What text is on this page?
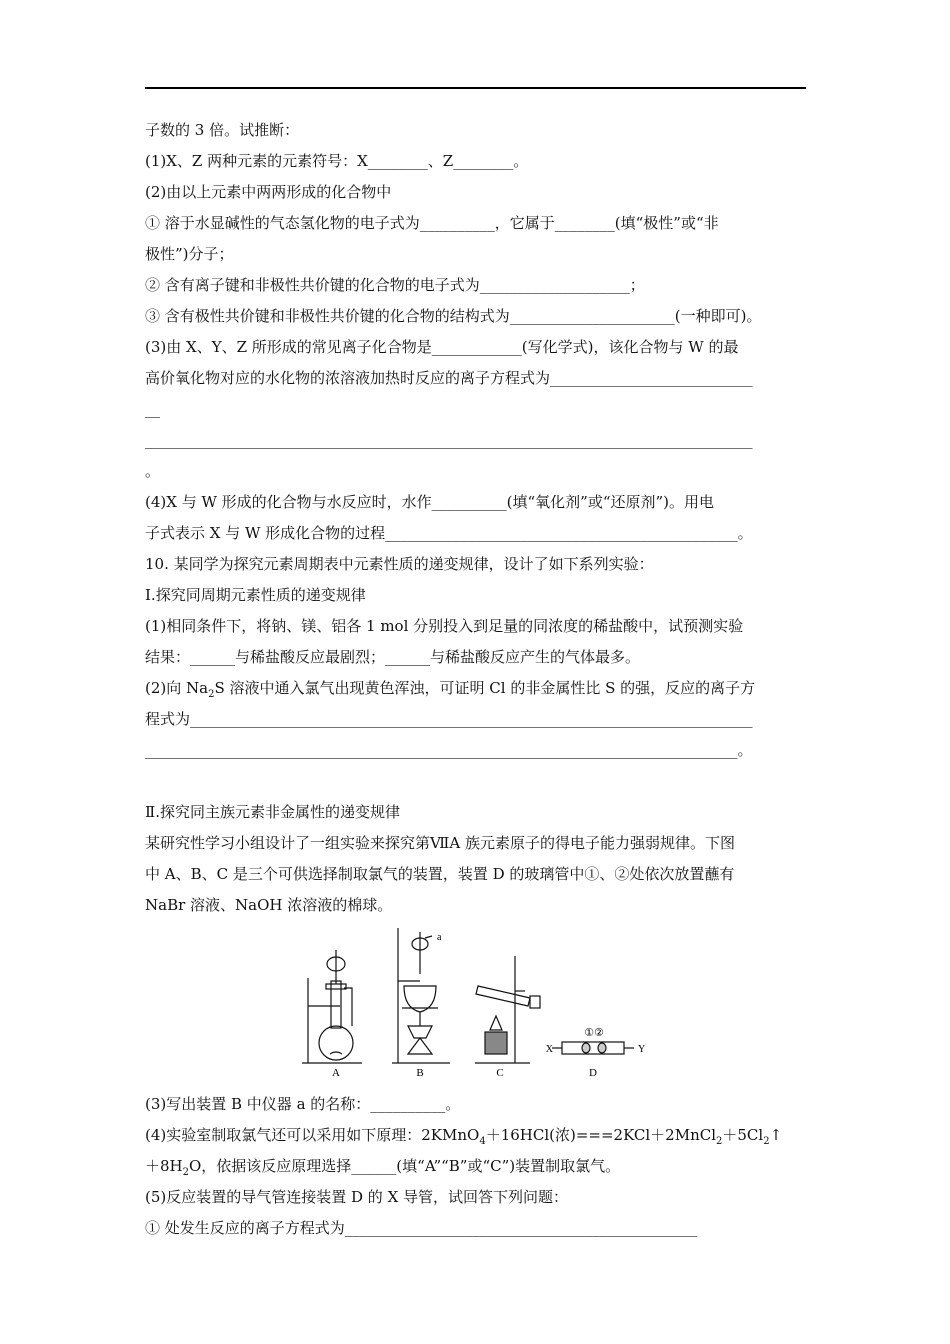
子数的 3 倍。试推断：
(1)X、Z 两种元素的元素符号：X________、Z________。
(2)由以上元素中两两形成的化合物中
① 溶于水显碱性的气态氢化物的电子式为__________，它属于________(填“极性”或“非
极性”)分子；
② 含有离子键和非极性共价键的化合物的电子式为____________________；
③ 含有极性共价键和非极性共价键的化合物的结构式为______________________(一种即可)。
(3)由 X、Y、Z 所形成的常见离子化合物是____________(写化学式)，该化合物与 W 的最
高价氧化物对应的水化物的浓溶液加热时反应的离子方程式为___________________________
__
_________________________________________________________________________________
。
(4)X 与 W 形成的化合物与水反应时，水作__________(填“氧化剂”或“还原剂”)。用电
子式表示 X 与 W 形成化合物的过程_______________________________________________。
10. 某同学为探究元素周期表中元素性质的递变规律，设计了如下系列实验：
Ⅰ.探究同周期元素性质的递变规律
(1)相同条件下，将钠、镁、铝各 1 mol 分别投入到足量的同浓度的稀盐酸中，试预测实验
结果：______与稀盐酸反应最剧烈；______与稀盐酸反应产生的气体最多。
(2)向 $Na_2S$ 溶液中通入氯气出现黄色浑浊，可证明 Cl 的非金属性比 S 的强，反应的离子方
程式为___________________________________________________________________________
_______________________________________________________________________________。
Ⅱ.探究同主族元素非金属性的递变规律
某研究性学习小组设计了一组实验来探究第ⅦA 族元素原子的得电子能力强弱规律。下图
中 A、B、C 是三个可供选择制取氯气的装置，装置 D 的玻璃管中①、②处依次放置蘸有
NaBr 溶液、NaOH 浓溶液的棉球。
A
a
B	C
X	Y
①②
D
(3)写出装置 B 中仪器 a 的名称：__________。
(4)实验室制取氯气还可以采用如下原理：2KMnO$_4$＋16HCl(浓)$===2KCl+2MnCl_2+5Cl_2↑$
$+8H_2O$，依据该反应原理选择______(填“A”“B”或“C”)装置制取氯气。
(5)反应装置的导气管连接装置 D 的 X 导管，试回答下列问题：
① 处发生反应的离子方程式为_______________________________________________
